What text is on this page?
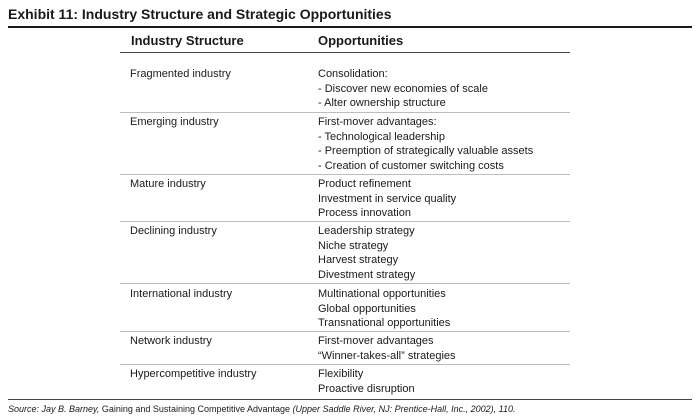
Exhibit 11: Industry Structure and Strategic Opportunities
Industry Structure	Opportunities
Fragmented industry	Consolidation:
- Discover new economies of scale
- Alter ownership structure
Emerging industry	First-mover advantages:
- Technological leadership
- Preemption of strategically valuable assets
- Creation of customer switching costs
Mature industry	Product refinement
Investment in service quality
Process innovation
Declining industry	Leadership strategy
Niche strategy
Harvest strategy
Divestment strategy
International industry	Multinational opportunities
Global opportunities
Transnational opportunities
Network industry	First-mover advantages
“Winner-takes-all” strategies
Hypercompetitive industry	Flexibility
Proactive disruption
Source: Jay B. Barney, Gaining and Sustaining Competitive Advantage (Upper Saddle River, NJ: Prentice-Hall, Inc., 2002), 110.
